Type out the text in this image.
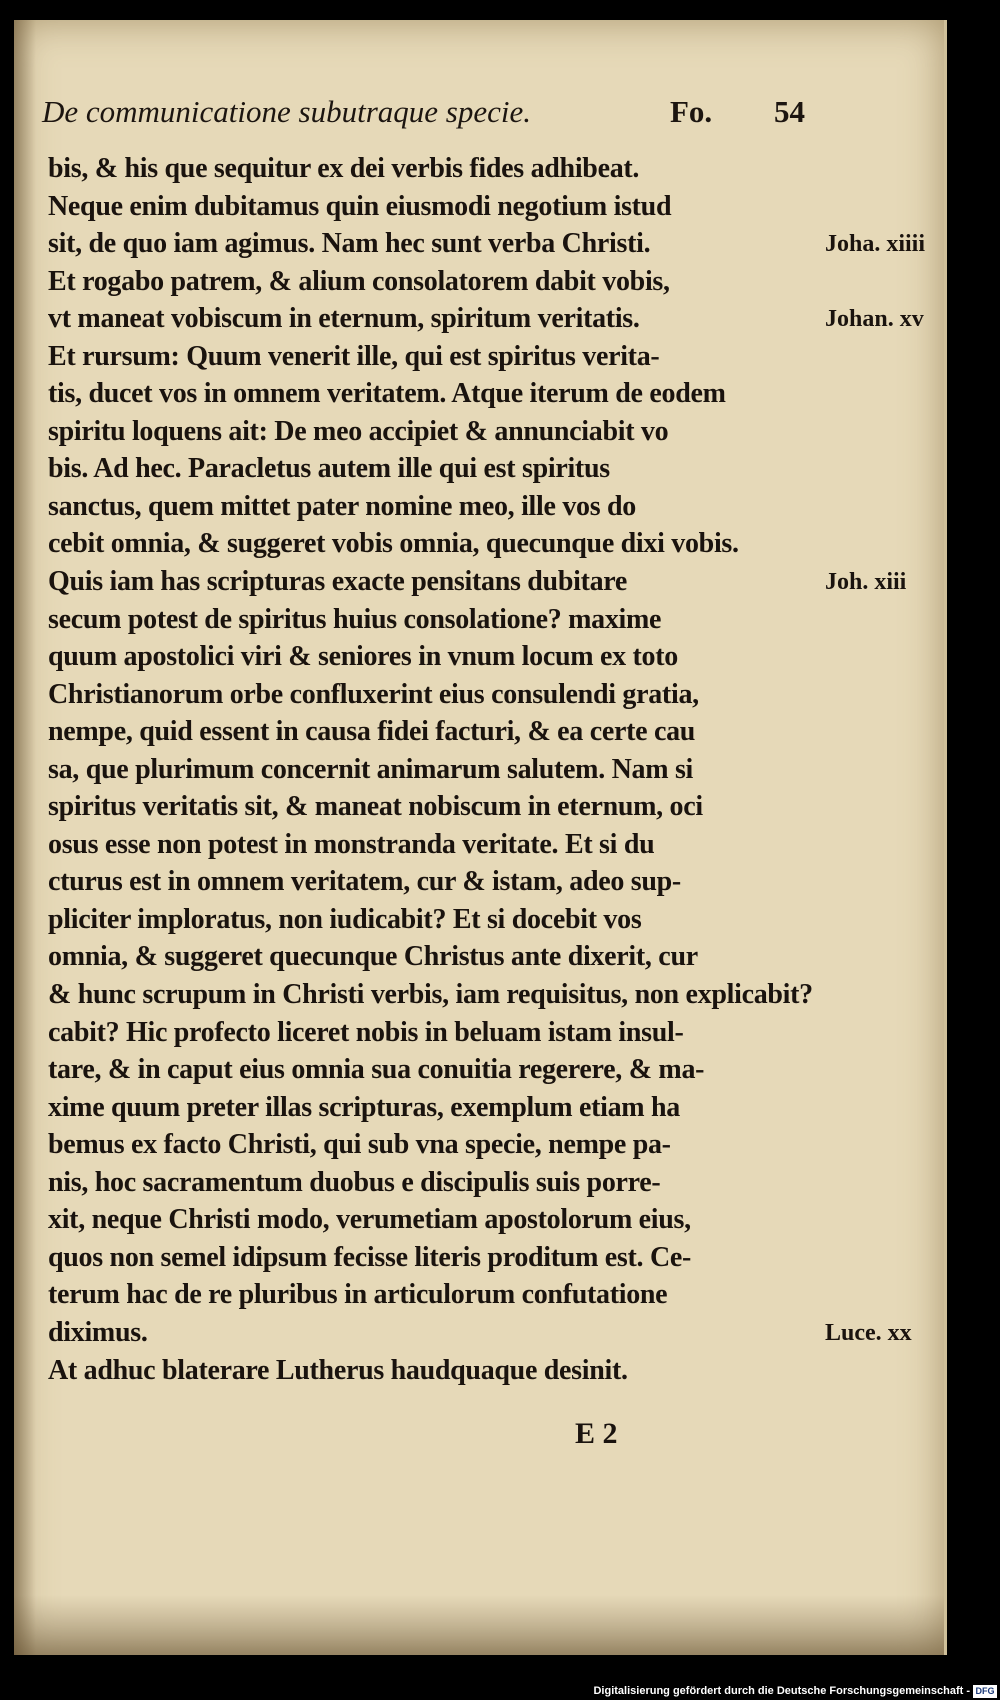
De communicatione subutraque specie.	Fo. 54
bis, & his que sequitur ex dei verbis fides adhibeat.
Neque enim dubitamus quin eiusmodi negotium istud
sit, de quo iam agimus. Nam hec sunt verba Christi.
Et rogabo patrem, & alium consolatorem dabit vobis,
vt maneat vobiscum in eternum, spiritum veritatis.
Et rursum: Quum venerit ille, qui est spiritus verita-
tis, ducet vos in omnem veritatem. Atque iterum de eodem
spiritu loquens ait: De meo accipiet & annunciabit vo
bis. Ad hec. Paracletus autem ille qui est spiritus
sanctus, quem mittet pater nomine meo, ille vos do
cebit omnia, & suggeret vobis omnia, quecunque dixi vobis.
Quis iam has scripturas exacte pensitans dubitare
secum potest de spiritus huius consolatione? maxime
quum apostolici viri & seniores in vnum locum ex toto
Christianorum orbe confluxerint eius consulendi gratia,
nempe, quid essent in causa fidei facturi, & ea certe cau
sa, que plurimum concernit animarum salutem. Nam si
spiritus veritatis sit, & maneat nobiscum in eternum, oci
osus esse non potest in monstranda veritate. Et si du
cturus est in omnem veritatem, cur & istam, adeo sup-
pliciter imploratus, non iudicabit? Et si docebit vos
omnia, & suggeret quecunque Christus ante dixerit, cur
& hunc scrupum in Christi verbis, iam requisitus, non explicabit?
cabit? Hic profecto liceret nobis in beluam istam insul-
tare, & in caput eius omnia sua conuitia regerere, & ma-
xime quum preter illas scripturas, exemplum etiam ha
bemus ex facto Christi, qui sub vna specie, nempe pa-
nis, hoc sacramentum duobus e discipulis suis porre-
xit, neque Christi modo, verumetiam apostolorum eius,
quos non semel idipsum fecisse literis proditum est. Ce-
terum hac de re pluribus in articulorum confutatione
diximus.
At adhuc blaterare Lutherus haudquaque desinit.
Joha. xiiii
Johan. xv
Joh. xiii
Luce. xx
E 2
Digitalisierung gefördert durch die Deutsche Forschungsgemeinschaft - DFG
